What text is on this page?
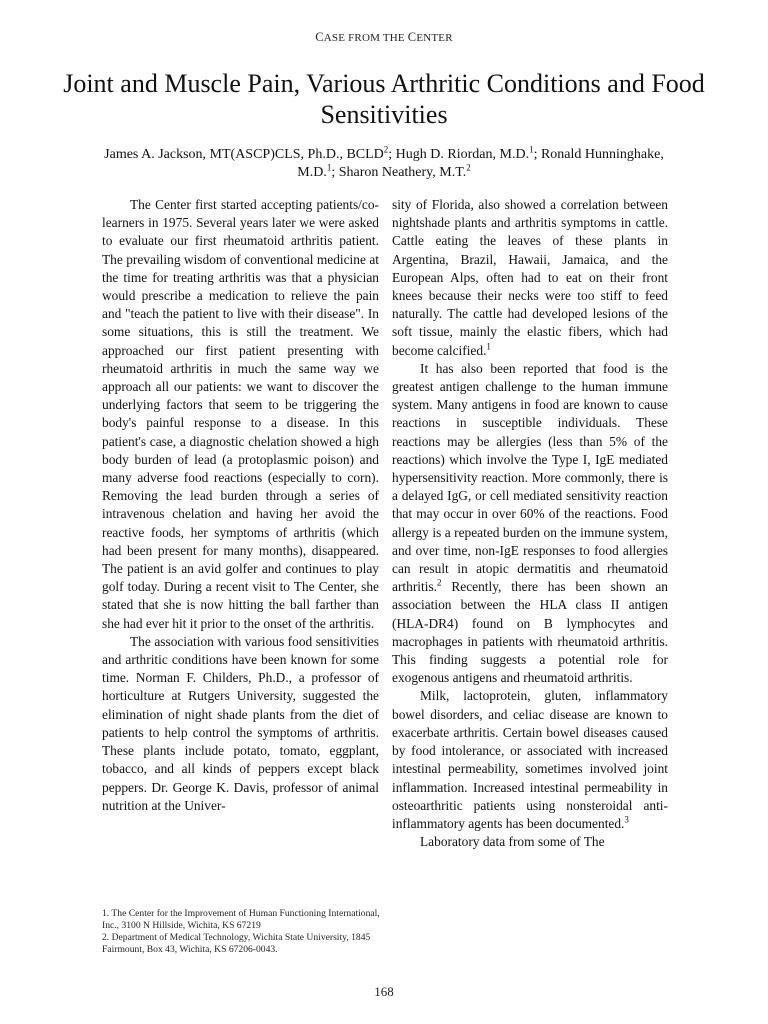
CASE FROM THE CENTER
Joint and Muscle Pain, Various Arthritic Conditions and Food Sensitivities
James A. Jackson, MT(ASCP)CLS, Ph.D., BCLD$^2$; Hugh D. Riordan, M.D.$^1$; Ronald Hunninghake, M.D.$^1$; Sharon Neathery, M.T.$^2$

The Center first started accepting patients/co-learners in 1975. Several years later we were asked to evaluate our first rheumatoid arthritis patient. The prevailing wisdom of conventional medicine at the time for treating arthritis was that a physician would prescribe a medication to relieve the pain and "teach the patient to live with their disease". In some situations, this is still the treatment. We approached our first patient presenting with rheumatoid arthritis in much the same way we approach all our patients: we want to discover the underlying factors that seem to be triggering the body's painful response to a disease. In this patient's case, a diagnostic chelation showed a high body burden of lead (a protoplasmic poison) and many adverse food reactions (especially to corn). Removing the lead burden through a series of intravenous chelation and having her avoid the reactive foods, her symptoms of arthritis (which had been present for many months), disappeared. The patient is an avid golfer and continues to play golf today. During a recent visit to The Center, she stated that she is now hitting the ball farther than she had ever hit it prior to the onset of the arthritis.

The association with various food sensitivities and arthritic conditions have been known for some time. Norman F. Childers, Ph.D., a professor of horticulture at Rutgers University, suggested the elimination of night shade plants from the diet of patients to help control the symptoms of arthritis. These plants include potato, tomato, eggplant, tobacco, and all kinds of peppers except black peppers. Dr. George K. Davis, professor of animal nutrition at the Univer-

sity of Florida, also showed a correlation between nightshade plants and arthritis symptoms in cattle. Cattle eating the leaves of these plants in Argentina, Brazil, Hawaii, Jamaica, and the European Alps, often had to eat on their front knees because their necks were too stiff to feed naturally. The cattle had developed lesions of the soft tissue, mainly the elastic fibers, which had become calcified.$^1$

It has also been reported that food is the greatest antigen challenge to the human immune system. Many antigens in food are known to cause reactions in susceptible individuals. These reactions may be allergies (less than 5% of the reactions) which involve the Type I, IgE mediated hypersensitivity reaction. More commonly, there is a delayed IgG, or cell mediated sensitivity reaction that may occur in over 60% of the reactions. Food allergy is a repeated burden on the immune system, and over time, non-IgE responses to food allergies can result in atopic dermatitis and rheumatoid arthritis.$^2$ Recently, there has been shown an association between the HLA class II antigen (HLA-DR4) found on B lymphocytes and macrophages in patients with rheumatoid arthritis. This finding suggests a potential role for exogenous antigens and rheumatoid arthritis.

Milk, lactoprotein, gluten, inflammatory bowel disorders, and celiac disease are known to exacerbate arthritis. Certain bowel diseases caused by food intolerance, or associated with increased intestinal permeability, sometimes involved joint inflammation. Increased intestinal permeability in osteoarthritic patients using nonsteroidal anti-inflammatory agents has been documented.$^3$

Laboratory data from some of The

1. The Center for the Improvement of Human Functioning International, Inc., 3100 N Hillside, Wichita, KS 67219
2. Department of Medical Technology, Wichita State University, 1845 Fairmount, Box 43, Wichita, KS 67206-0043.
168
